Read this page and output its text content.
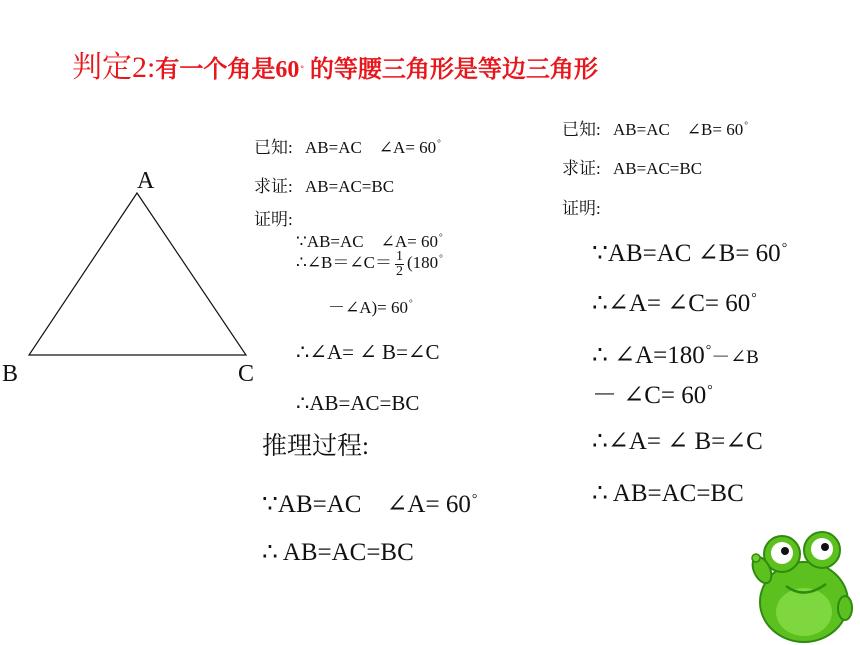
判定2:有一个角是60° 的等腰三角形是等边三角形
A
B	C
已知: AB=AC　∠A= 60°
求证: AB=AC=BC
证明:
∵AB=AC　∠A= 60°
∴∠B＝∠C＝ $\frac{1}{2} (180^\circ$
－∠A)= 60°
∴∠A= ∠ B=∠C
∴AB=AC=BC
推理过程:
∵AB=AC　∠A= 60°
∴ AB=AC=BC
已知: AB=AC　∠B= 60°
求证: AB=AC=BC
证明:
∵AB=AC ∠B= 60°
∴∠A= ∠C= 60°
∴ ∠A=180°－∠B
－ ∠C= 60°
∴∠A= ∠ B=∠C
∴ AB=AC=BC
